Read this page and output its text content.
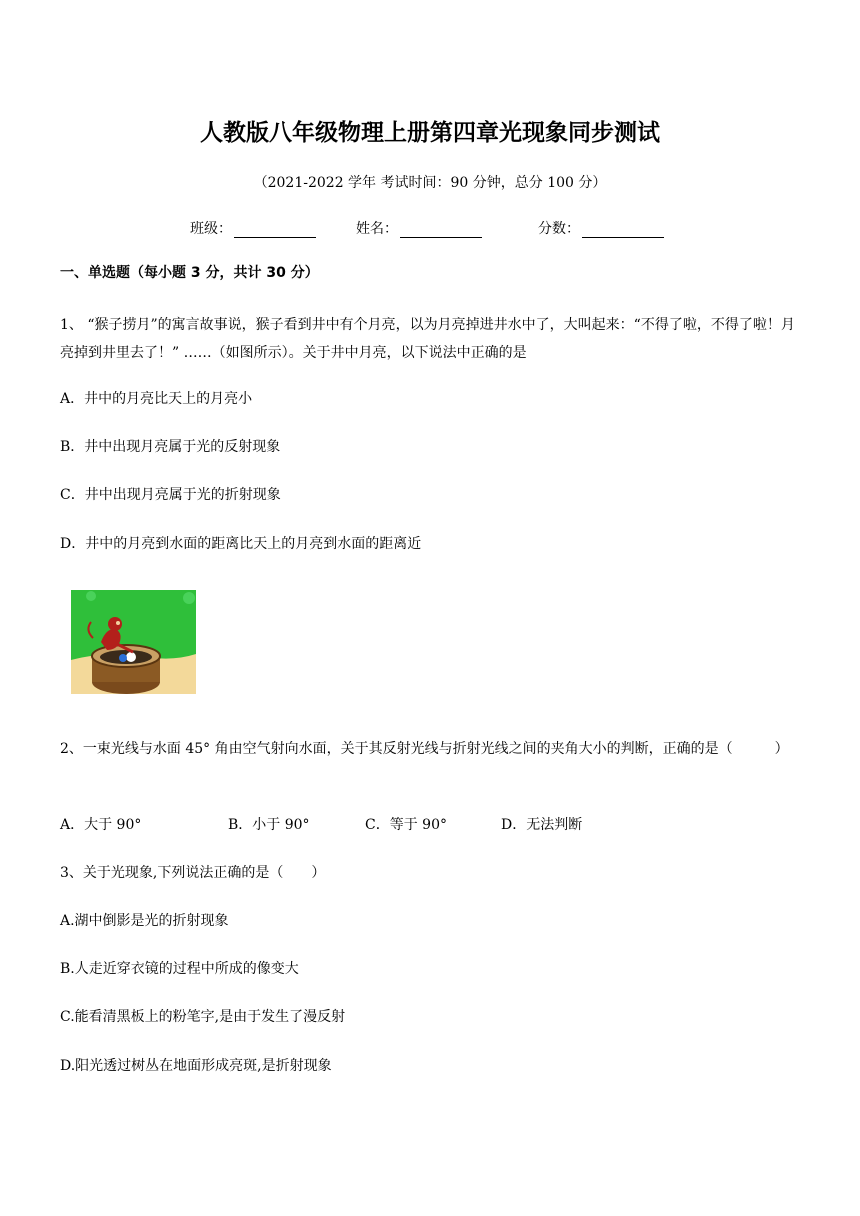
人教版八年级物理上册第四章光现象同步测试
（2021-2022 学年 考试时间：90 分钟，总分 100 分）
班级：	姓名：	分数：
一、单选题（每小题 3 分，共计 30 分）
1、 “猴子捞月”的寓言故事说，猴子看到井中有个月亮，以为月亮掉进井水中了，大叫起来：“不得了啦，不得了啦！月亮掉到井里去了！” ……（如图所示）。关于井中月亮，以下说法中正确的是
A．井中的月亮比天上的月亮小
B．井中出现月亮属于光的反射现象
C．井中出现月亮属于光的折射现象
D．井中的月亮到水面的距离比天上的月亮到水面的距离近
2、一束光线与水面 45° 角由空气射向水面，关于其反射光线与折射光线之间的夹角大小的判断，正确的是（　　　）
A．大于 90°	B．小于 90°	C．等于 90°	D．无法判断
3、关于光现象,下列说法正确的是（　　）
A.湖中倒影是光的折射现象
B.人走近穿衣镜的过程中所成的像变大
C.能看清黑板上的粉笔字,是由于发生了漫反射
D.阳光透过树丛在地面形成亮斑,是折射现象
